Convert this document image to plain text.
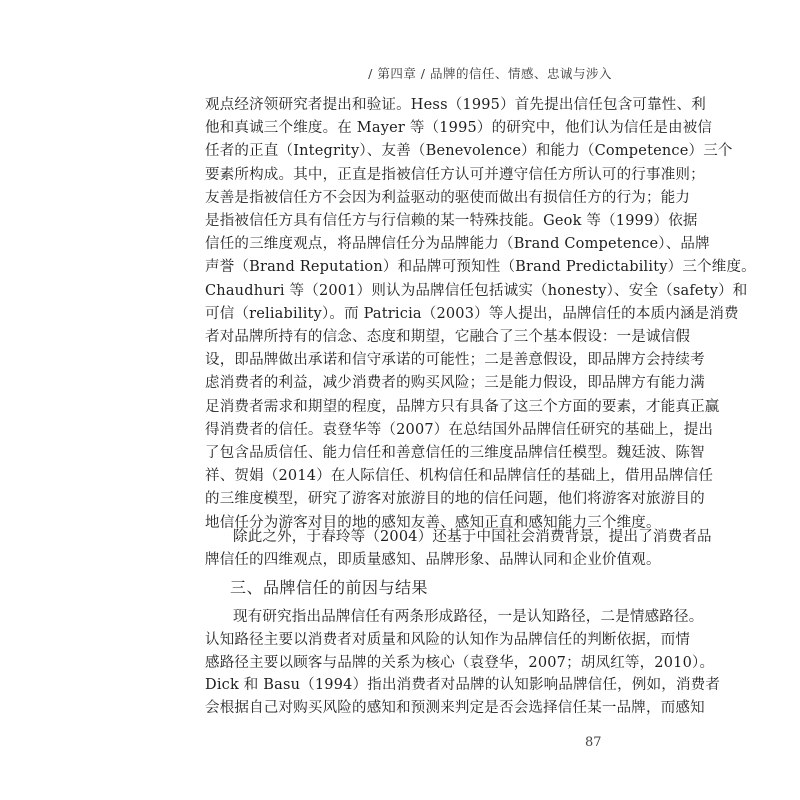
/ 第四章 / 品牌的信任、情感、忠诚与涉入
观点经济领研究者提出和验证。Hess（1995）首先提出信任包含可靠性、利
他和真诚三个维度。在 Mayer 等（1995）的研究中，他们认为信任是由被信
任者的正直（Integrity）、友善（Benevolence）和能力（Competence）三个
要素所构成。其中，正直是指被信任方认可并遵守信任方所认可的行事准则；
友善是指被信任方不会因为利益驱动的驱使而做出有损信任方的行为；能力
是指被信任方具有信任方与行信赖的某一特殊技能。Geok 等（1999）依据
信任的三维度观点，将品牌信任分为品牌能力（Brand Competence）、品牌
声誉（Brand Reputation）和品牌可预知性（Brand Predictability）三个维度。
Chaudhuri 等（2001）则认为品牌信任包括诚实（honesty）、安全（safety）和
可信（reliability）。而 Patricia（2003）等人提出，品牌信任的本质内涵是消费
者对品牌所持有的信念、态度和期望，它融合了三个基本假设：一是诚信假
设，即品牌做出承诺和信守承诺的可能性；二是善意假设，即品牌方会持续考
虑消费者的利益，减少消费者的购买风险；三是能力假设，即品牌方有能力满
足消费者需求和期望的程度，品牌方只有具备了这三个方面的要素，才能真正赢
得消费者的信任。袁登华等（2007）在总结国外品牌信任研究的基础上，提出
了包含品质信任、能力信任和善意信任的三维度品牌信任模型。魏廷波、陈智
祥、贺娟（2014）在人际信任、机构信任和品牌信任的基础上，借用品牌信任
的三维度模型，研究了游客对旅游目的地的信任问题，他们将游客对旅游目的
地信任分为游客对目的地的感知友善、感知正直和感知能力三个维度。
除此之外，于春玲等（2004）还基于中国社会消费背景，提出了消费者品
牌信任的四维观点，即质量感知、品牌形象、品牌认同和企业价值观。
三、品牌信任的前因与结果
现有研究指出品牌信任有两条形成路径，一是认知路径，二是情感路径。
认知路径主要以消费者对质量和风险的认知作为品牌信任的判断依据，而情
感路径主要以顾客与品牌的关系为核心（袁登华，2007；胡凤红等，2010）。
Dick 和 Basu（1994）指出消费者对品牌的认知影响品牌信任，例如，消费者
会根据自己对购买风险的感知和预测来判定是否会选择信任某一品牌，而感知
87
